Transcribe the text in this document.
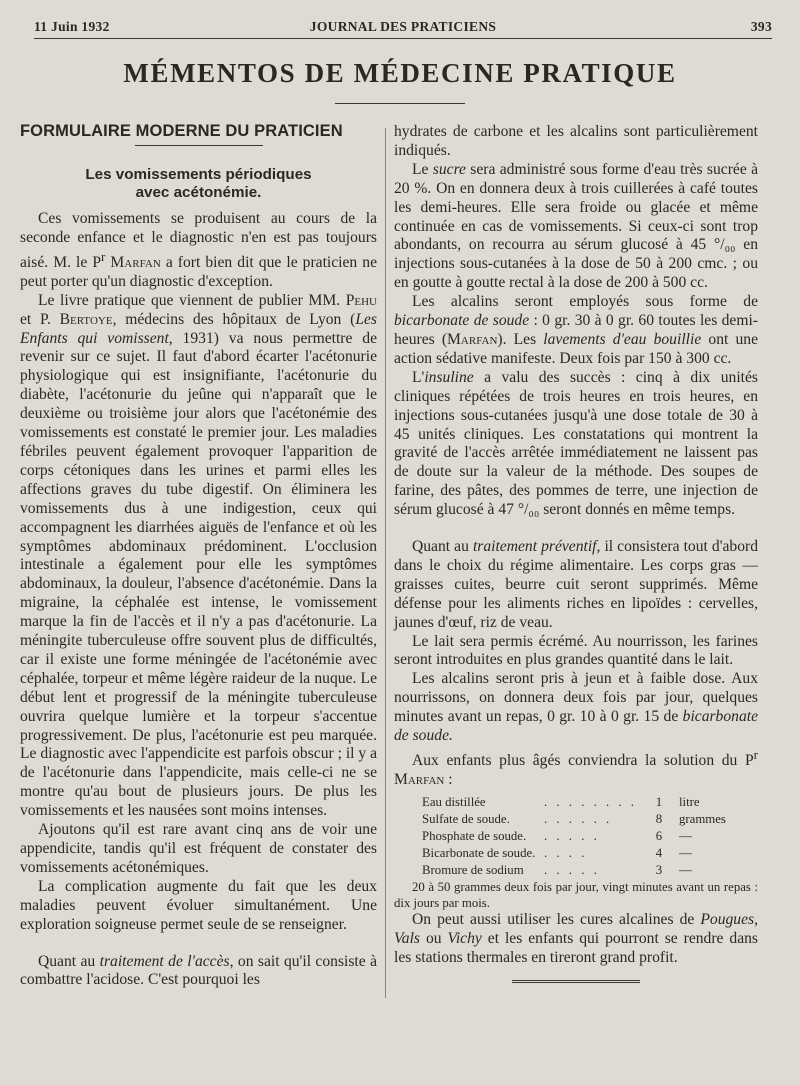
11 Juin 1932	JOURNAL DES PRATICIENS	393
MÉMENTOS DE MÉDECINE PRATIQUE
FORMULAIRE MODERNE DU PRATICIEN
Les vomissements périodiques
avec acétonémie.

Ces vomissements se produisent au cours de la seconde enfance et le diagnostic n'en est pas toujours aisé. M. le $P^r$ Marfan a fort bien dit que le praticien ne peut porter qu'un diagnostic d'exception.

Le livre pratique que viennent de publier MM. Pehu et P. Bertoye, médecins des hôpitaux de Lyon (Les Enfants qui vomissent, 1931) va nous permettre de revenir sur ce sujet. Il faut d'abord écarter l'acétonurie physiologique qui est insignifiante, l'acétonurie du diabète, l'acétonurie du jeûne qui n'apparaît que le deuxième ou troisième jour alors que l'acétonémie des vomissements est constaté le premier jour. Les maladies fébriles peuvent également provoquer l'apparition de corps cétoniques dans les urines et parmi elles les affections graves du tube digestif. On éliminera les vomissements dus à une indigestion, ceux qui accompagnent les diarrhées aiguës de l'enfance et où les symptômes abdominaux prédominent. L'occlusion intestinale a également pour elle les symptômes abdominaux, la douleur, l'absence d'acétonémie. Dans la migraine, la céphalée est intense, le vomissement marque la fin de l'accès et il n'y a pas d'acétonurie. La méningite tuberculeuse offre souvent plus de difficultés, car il existe une forme méningée de l'acétonémie avec céphalée, torpeur et même légère raideur de la nuque. Le début lent et progressif de la méningite tuberculeuse ouvrira quelque lumière et la torpeur s'accentue progressivement. De plus, l'acétonurie est peu marquée. Le diagnostic avec l'appendicite est parfois obscur ; il y a de l'acétonurie dans l'appendicite, mais celle-ci ne se montre qu'au bout de plusieurs jours. De plus les vomissements et les nausées sont moins intenses.

Ajoutons qu'il est rare avant cinq ans de voir une appendicite, tandis qu'il est fréquent de constater des vomissements acétonémiques.

La complication augmente du fait que les deux maladies peuvent évoluer simultanément. Une exploration soigneuse permet seule de se renseigner.

Quant au traitement de l'accès, on sait qu'il consiste à combattre l'acidose. C'est pourquoi les

hydrates de carbone et les alcalins sont particulièrement indiqués.

Le sucre sera administré sous forme d'eau très sucrée à 20 %. On en donnera deux à trois cuillerées à café toutes les demi-heures. Elle sera froide ou glacée et même continuée en cas de vomissements. Si ceux-ci sont trop abondants, on recourra au sérum glucosé à 45 °/₀₀ en injections sous-cutanées à la dose de 50 à 200 cmc. ; ou en goutte à goutte rectal à la dose de 200 à 500 cc.

Les alcalins seront employés sous forme de bicarbonate de soude : 0 gr. 30 à 0 gr. 60 toutes les demi-heures (Marfan). Les lavements d'eau bouillie ont une action sédative manifeste. Deux fois par 150 à 300 cc.

L'insuline a valu des succès : cinq à dix unités cliniques répétées de trois heures en trois heures, en injections sous-cutanées jusqu'à une dose totale de 30 à 45 unités cliniques. Les constatations qui montrent la gravité de l'accès arrêtée immédiatement ne laissent pas de doute sur la valeur de la méthode. Des soupes de farine, des pâtes, des pommes de terre, une injection de sérum glucosé à 47 °/₀₀ seront donnés en même temps.

Quant au traitement préventif, il consistera tout d'abord dans le choix du régime alimentaire. Les corps gras — graisses cuites, beurre cuit seront supprimés. Même défense pour les aliments riches en lipoïdes : cervelles, jaunes d'œuf, riz de veau.

Le lait sera permis écrémé. Au nourrisson, les farines seront introduites en plus grandes quantité dans le lait.

Les alcalins seront pris à jeun et à faible dose. Aux nourrissons, on donnera deux fois par jour, quelques minutes avant un repas, 0 gr. 10 à 0 gr. 15 de bicarbonate de soude.

Aux enfants plus âgés conviendra la solution du $P^r$ Marfan :

Eau distillée	. . . . . . . .	1	litre
Sulfate de soude.	. . . . . .	8	grammes
Phosphate de soude. . . . . .	6	—
Bicarbonate de soude. . . . .	4	—
Bromure de sodium . . . . .	3	—

20 à 50 grammes deux fois par jour, vingt minutes avant un repas : dix jours par mois.

On peut aussi utiliser les cures alcalines de Pougues, Vals ou Vichy et les enfants qui pourront se rendre dans les stations thermales en tireront grand profit.
